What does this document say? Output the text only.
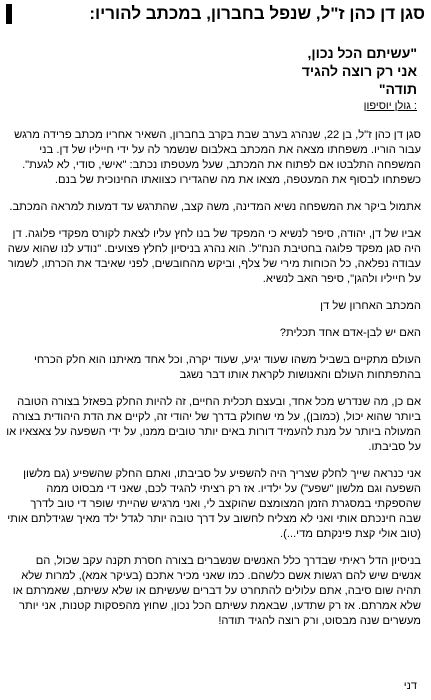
סגן דן כהן ז"ל, שנפל בחברון, במכתב להוריו:
"עשיתם הכל נכון,
אני רק רוצה להגיד
תודה"
: גולן יוסיפון

סגן דן כהן ז"ל, בן 22, שנהרג בערב שבת בקרב בחברון, השאיר אחריו מכתב פרידה מרגש עבור הוריו. משפחתו מצאה את המכתב באלבום שנשמר לה על ידי חייליו של דן. בני המשפחה התלבטו אם לפתוח את המכתב, שעל מעטפתו נכתב: "אישי, סודי, לא לגעת". כשפתחו לבסוף את המעטפה, מצאו את מה שהגדירו כצוואתו החינוכית של בנם.

אתמול ביקר את המשפחה נשיא המדינה, משה קצב, שהתרגש עד דמעות למראה המכתב.

אביו של דן, יהודה, סיפר לנשיא כי המפקד של בנו לחץ עליו לצאת לקורס מפקדי פלוגה. דן היה סגן מפקד פלוגה בחטיבת הנח"ל. הוא נהרג בניסיון לחלץ פצועים. "נודע לנו שהוא עשה עבודה נפלאה, כל הכוחות מירי של צלף, וביקש מהחובשים, לפני שאיבד את הכרתו, לשמור על חייליו ולהגן", סיפר האב לנשיא.

המכתב האחרון של דן

האם יש לבן-אדם אחד תכלית?

העולם מתקיים בשביל משהו שעוד יגיע, שעוד יקרה, וכל אחד מאיתנו הוא חלק הכרחי בהתפתחות העולם והאנושות לקראת אותו דבר נשגב

אם כן, מה שנדרש מכל אחד, ובעצם תכלית החיים, זה להיות החלק בפאזל בצורה הטובה ביותר שהוא יכול, (כמובן), על מי שחולק בדרך של יהודי זה, לקיים את הדת היהודית בצורה המעולה ביותר על מנת להעמיד דורות באים יותר טובים ממנו, על ידי השפעה על צאצאיו או על סביבתו.

אני כנראה שייך לחלק שצריך היה להשפיע על סביבתו, ואתם החלק שהשפיע (גם מלשון השפעה וגם מלשון "שפע") על ילדיו. אז רק רציתי להגיד לכם, שאני די מבסוט ממה שהספקתי במסגרת הזמן המצומצם שהוקצב לי, ואני מרגיש שהייתי שופר די טוב לדרך שבה חינכתם אותי ואני לא מצליח לחשוב על דרך טובה יותר לגדל ילד מאיך שגידלתם אותי (טוב אולי קצת פינקתם מדי...).

בניסיון הדל ראיתי שבדרך כלל האנשים שנשברים בצורה חסרת תקנה עקב שכול, הם אנשים שיש להם רגשות אשם כלשהם. כמו שאני מכיר אתכם (בעיקר אמא), למרות שלא תהיה שום סיבה, אתם עלולים להתחרט על דברים שעשיתם או שלא עשיתם, שאמרתם או שלא אמרתם. אז רק שתדעו, שבאמת עשיתם הכל נכון, שחוץ מהפסקות קטנות, אני יותר מעשרים שנה מבסוט, ורק רוצה להגיד תודה!

דני
